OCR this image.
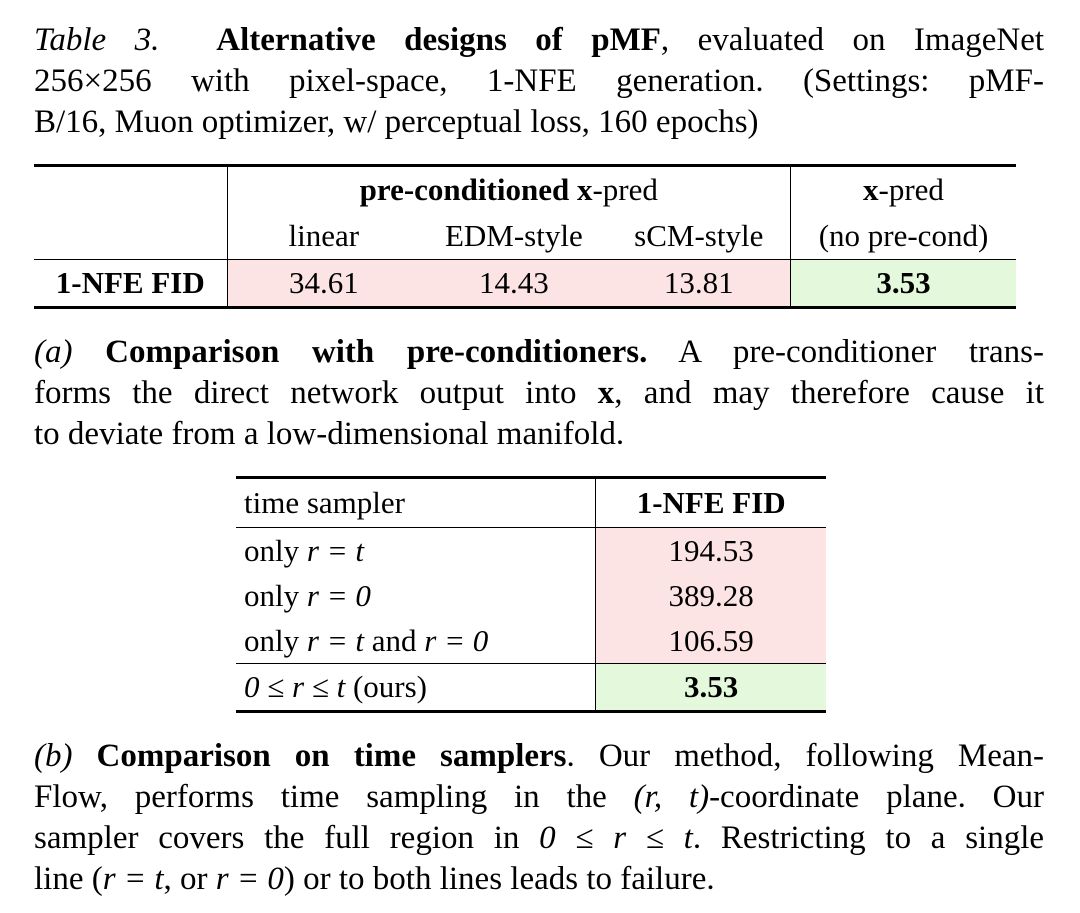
Table 3. Alternative designs of pMF, evaluated on ImageNet
256×256 with pixel-space, 1-NFE generation. (Settings: pMF-
B/16, Muon optimizer, w/ perceptual loss, 160 epochs)
	pre-conditioned x-pred			x-pred
	linear	EDM-style	sCM-style	(no pre-cond)
1-NFE FID	34.61	14.43	13.81	3.53
(a) Comparison with pre-conditioners. A pre-conditioner trans-
forms the direct network output into x, and may therefore cause it
to deviate from a low-dimensional manifold.
time sampler	1-NFE FID
only r = t	194.53
only r = 0	389.28
only r = t and r = 0	106.59
0 ≤ r ≤ t (ours)	3.53
(b) Comparison on time samplers. Our method, following Mean-
Flow, performs time sampling in the (r, t)-coordinate plane. Our
sampler covers the full region in 0 ≤ r ≤ t. Restricting to a single
line (r = t, or r = 0) or to both lines leads to failure.
